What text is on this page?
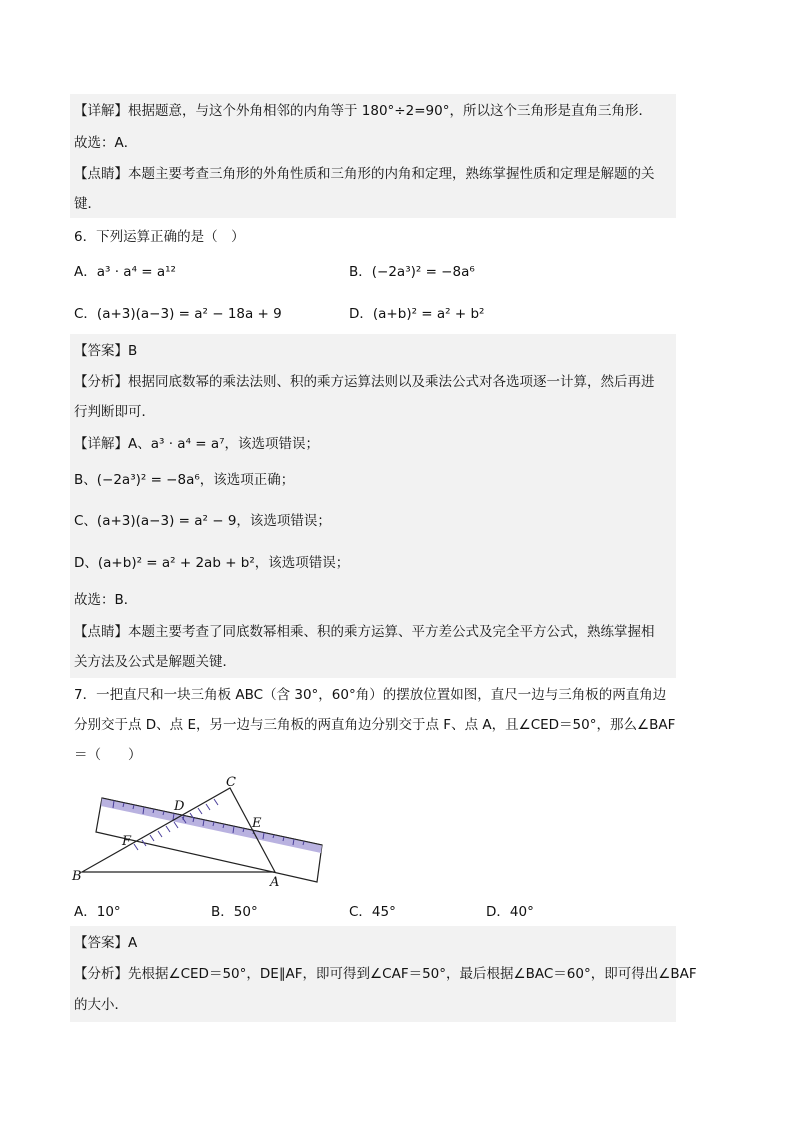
【详解】根据题意，与这个外角相邻的内角等于 180°÷2=90°，所以这个三角形是直角三角形．
故选：A．
【点睛】本题主要考查三角形的外角性质和三角形的内角和定理，熟练掌握性质和定理是解题的关
键．
6．下列运算正确的是（　）
A．a³ · a⁴ = a¹²	B．(−2a³)² = −8a⁶
C．(a+3)(a−3) = a² − 18a + 9	D．(a+b)² = a² + b²
【答案】B
【分析】根据同底数幂的乘法法则、积的乘方运算法则以及乘法公式对各选项逐一计算，然后再进
行判断即可．
【详解】A、a³ · a⁴ = a⁷，该选项错误；
B、(−2a³)² = −8a⁶，该选项正确；
C、(a+3)(a−3) = a² − 9，该选项错误；
D、(a+b)² = a² + 2ab + b²，该选项错误；
故选：B．
【点睛】本题主要考查了同底数幂相乘、积的乘方运算、平方差公式及完全平方公式，熟练掌握相
关方法及公式是解题关键．
7．一把直尺和一块三角板 ABC（含 30°，60°角）的摆放位置如图，直尺一边与三角板的两直角边
分别交于点 D、点 E，另一边与三角板的两直角边分别交于点 F、点 A，且∠CED＝50°，那么∠BAF
＝（　　）
C
D
E
F
B	A
A．10°	B．50°	C．45°	D．40°
【答案】A
【分析】先根据∠CED＝50°，DE∥AF，即可得到∠CAF＝50°，最后根据∠BAC＝60°，即可得出∠BAF
的大小．
